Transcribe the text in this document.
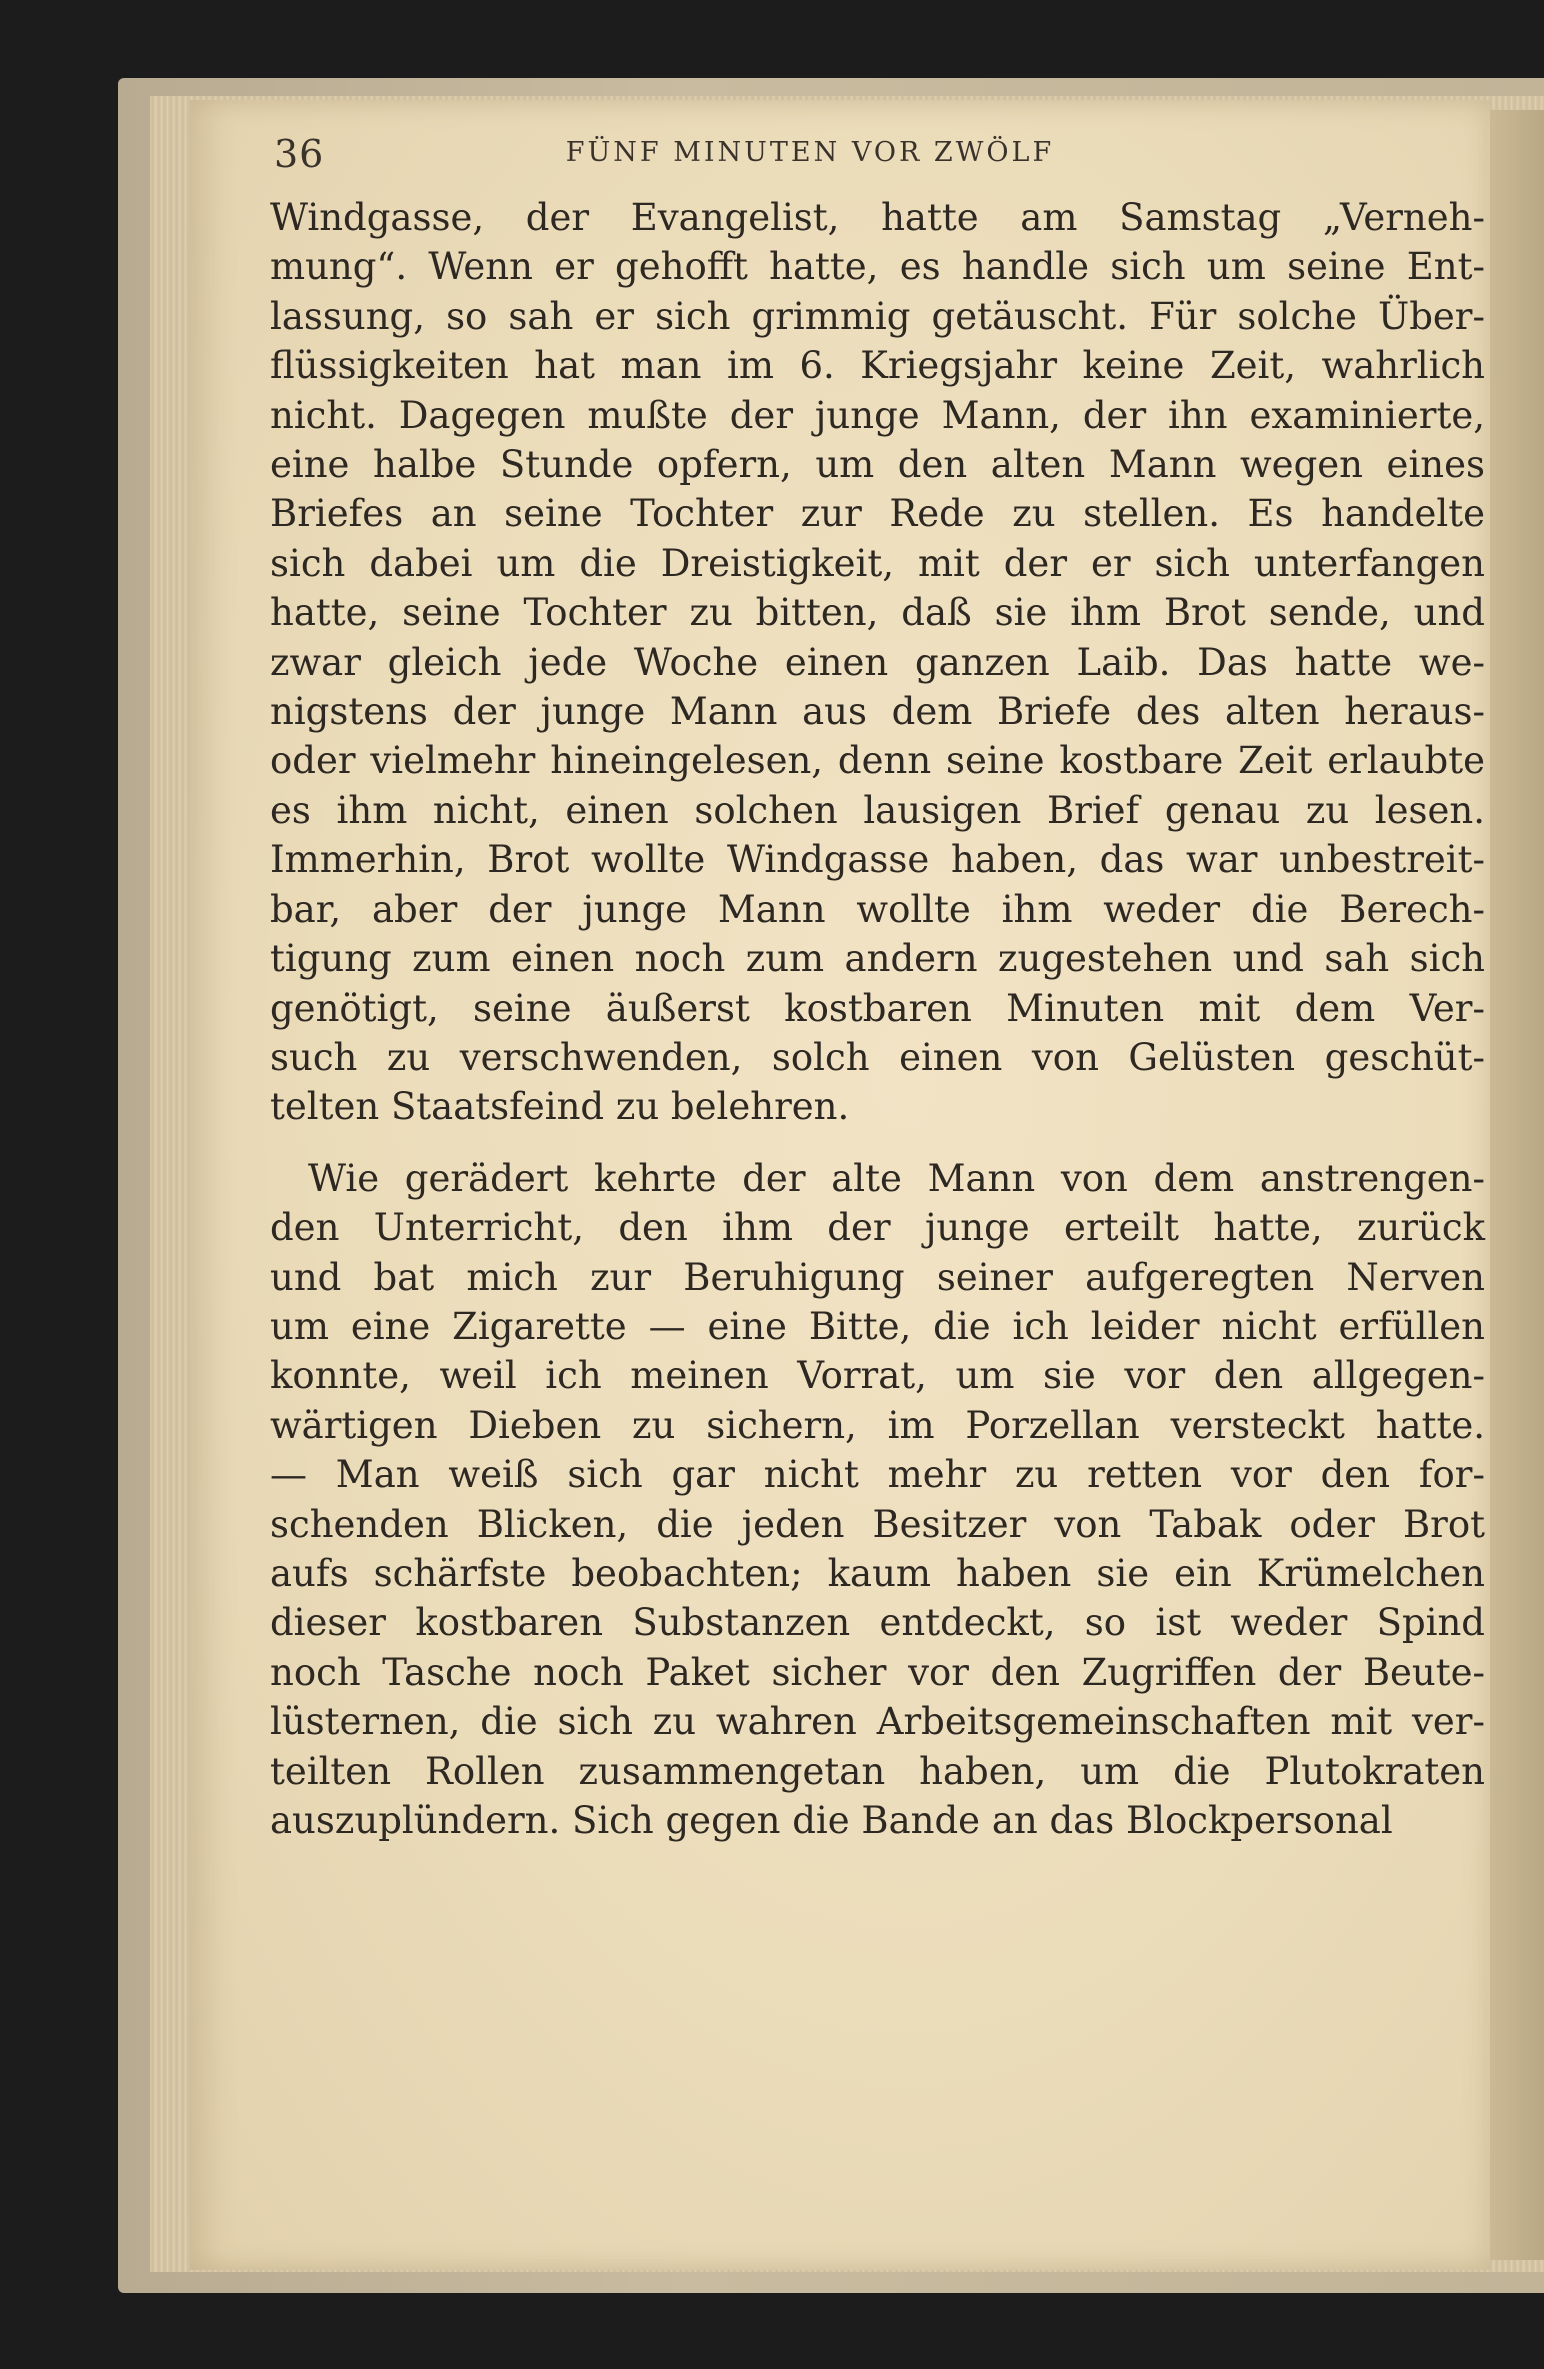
36	FÜNF MINUTEN VOR ZWÖLF

Windgasse, der Evangelist, hatte am Samstag „Verneh-
mung“. Wenn er gehofft hatte, es handle sich um seine Ent-
lassung, so sah er sich grimmig getäuscht. Für solche Über-
flüssigkeiten hat man im 6. Kriegsjahr keine Zeit, wahrlich
nicht. Dagegen mußte der junge Mann, der ihn examinierte,
eine halbe Stunde opfern, um den alten Mann wegen eines
Briefes an seine Tochter zur Rede zu stellen. Es handelte
sich dabei um die Dreistigkeit, mit der er sich unterfangen
hatte, seine Tochter zu bitten, daß sie ihm Brot sende, und
zwar gleich jede Woche einen ganzen Laib. Das hatte we-
nigstens der junge Mann aus dem Briefe des alten heraus-
oder vielmehr hineingelesen, denn seine kostbare Zeit erlaubte
es ihm nicht, einen solchen lausigen Brief genau zu lesen.
Immerhin, Brot wollte Windgasse haben, das war unbestreit-
bar, aber der junge Mann wollte ihm weder die Berech-
tigung zum einen noch zum andern zugestehen und sah sich
genötigt, seine äußerst kostbaren Minuten mit dem Ver-
such zu verschwenden, solch einen von Gelüsten geschüt-
telten Staatsfeind zu belehren.

Wie gerädert kehrte der alte Mann von dem anstrengen-
den Unterricht, den ihm der junge erteilt hatte, zurück
und bat mich zur Beruhigung seiner aufgeregten Nerven
um eine Zigarette — eine Bitte, die ich leider nicht erfüllen
konnte, weil ich meinen Vorrat, um sie vor den allgegen-
wärtigen Dieben zu sichern, im Porzellan versteckt hatte.
— Man weiß sich gar nicht mehr zu retten vor den for-
schenden Blicken, die jeden Besitzer von Tabak oder Brot
aufs schärfste beobachten; kaum haben sie ein Krümelchen
dieser kostbaren Substanzen entdeckt, so ist weder Spind
noch Tasche noch Paket sicher vor den Zugriffen der Beute-
lüsternen, die sich zu wahren Arbeitsgemeinschaften mit ver-
teilten Rollen zusammengetan haben, um die Plutokraten
auszuplündern. Sich gegen die Bande an das Blockpersonal
